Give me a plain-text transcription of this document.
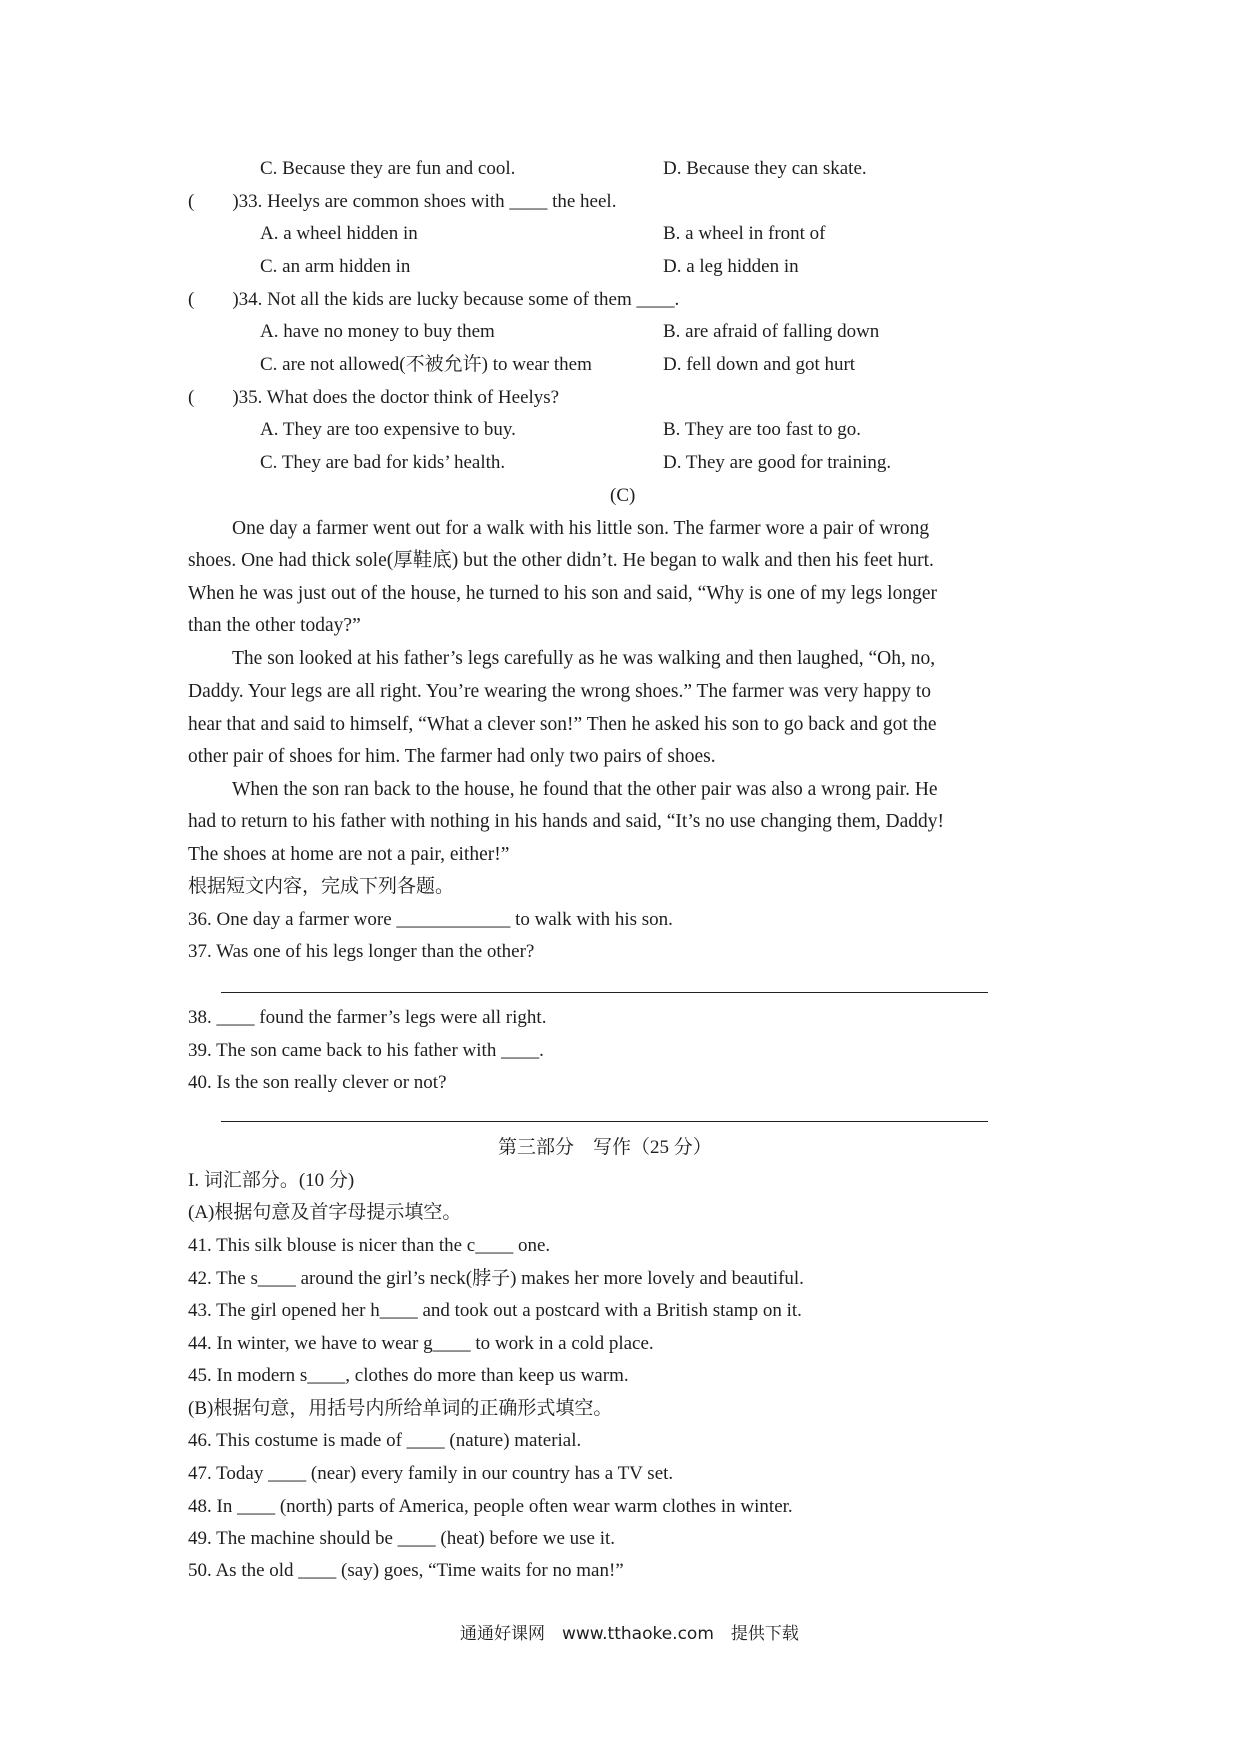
C. Because they are fun and cool.	D. Because they can skate.
(　　)33. Heelys are common shoes with ____ the heel.
A. a wheel hidden in	B. a wheel in front of
C. an arm hidden in	D. a leg hidden in
(　　)34. Not all the kids are lucky because some of them ____.
A. have no money to buy them	B. are afraid of falling down
C. are not allowed(不被允许) to wear them	D. fell down and got hurt
(　　)35. What does the doctor think of Heelys?
A. They are too expensive to buy.	B. They are too fast to go.
C. They are bad for kids’ health.	D. They are good for training.
(C)
One day a farmer went out for a walk with his little son. The farmer wore a pair of wrong
shoes. One had thick sole(厚鞋底) but the other didn’t. He began to walk and then his feet hurt.
When he was just out of the house, he turned to his son and said, “Why is one of my legs longer
than the other today?”
The son looked at his father’s legs carefully as he was walking and then laughed, “Oh, no,
Daddy. Your legs are all right. You’re wearing the wrong shoes.” The farmer was very happy to
hear that and said to himself, “What a clever son!” Then he asked his son to go back and got the
other pair of shoes for him. The farmer had only two pairs of shoes.
When the son ran back to the house, he found that the other pair was also a wrong pair. He
had to return to his father with nothing in his hands and said, “It’s no use changing them, Daddy!
The shoes at home are not a pair, either!”
根据短文内容，完成下列各题。
36. One day a farmer wore ____________ to walk with his son.
37. Was one of his legs longer than the other?
38. ____ found the farmer’s legs were all right.
39. The son came back to his father with ____.
40. Is the son really clever or not?
第三部分　写作（25 分）
I. 词汇部分。(10 分)
(A)根据句意及首字母提示填空。
41. This silk blouse is nicer than the c____ one.
42. The s____ around the girl’s neck(脖子) makes her more lovely and beautiful.
43. The girl opened her h____ and took out a postcard with a British stamp on it.
44. In winter, we have to wear g____ to work in a cold place.
45. In modern s____, clothes do more than keep us warm.
(B)根据句意，用括号内所给单词的正确形式填空。
46. This costume is made of ____ (nature) material.
47. Today ____ (near) every family in our country has a TV set.
48. In ____ (north) parts of America, people often wear warm clothes in winter.
49. The machine should be ____ (heat) before we use it.
50. As the old ____ (say) goes, “Time waits for no man!”
通通好课网　www.tthaoke.com　提供下载
